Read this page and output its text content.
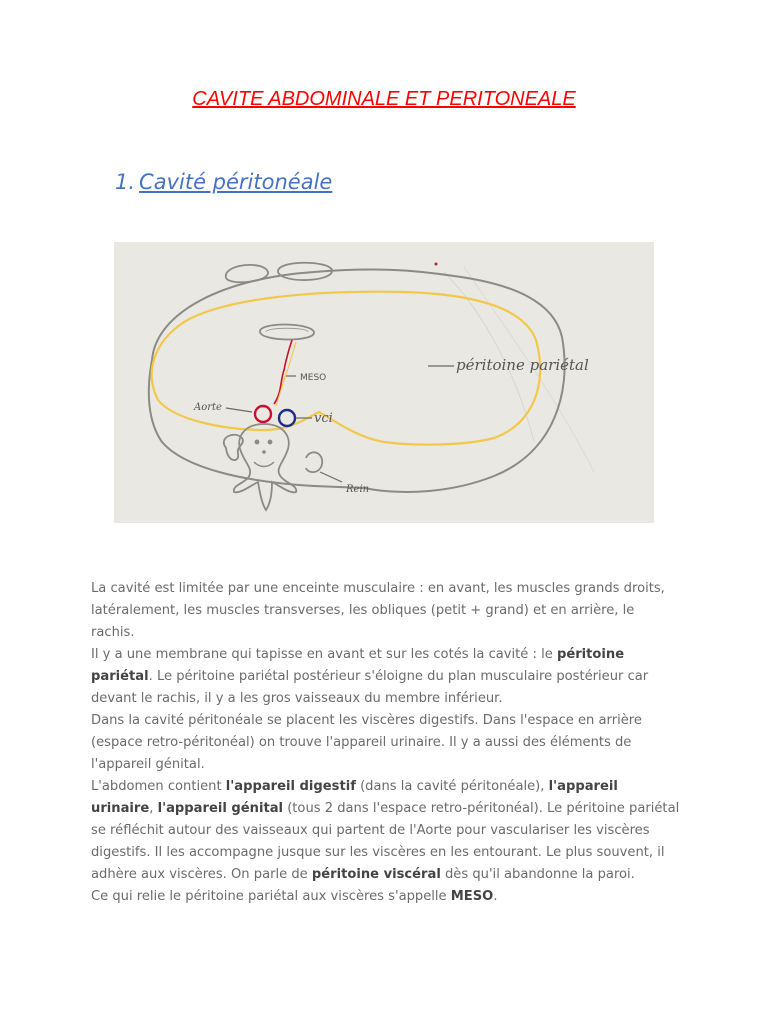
CAVITE ABDOMINALE ET PERITONEALE
1. Cavité péritonéale
MESO
Aorte
vci
Rein
péritoine pariétal

La cavité est limitée par une enceinte musculaire : en avant, les muscles grands droits, latéralement, les muscles transverses, les obliques (petit + grand) et en arrière, le rachis.

Il y a une membrane qui tapisse en avant et sur les cotés la cavité : le péritoine pariétal. Le péritoine pariétal postérieur s'éloigne du plan musculaire postérieur car devant le rachis, il y a les gros vaisseaux du membre inférieur.

Dans la cavité péritonéale se placent les viscères digestifs. Dans l'espace en arrière (espace retro-péritonéal) on trouve l'appareil urinaire. Il y a aussi des éléments de l'appareil génital.

L'abdomen contient l'appareil digestif (dans la cavité péritonéale), l'appareil urinaire, l'appareil génital (tous 2 dans l'espace retro-péritonéal). Le péritoine pariétal se réfléchit autour des vaisseaux qui partent de l'Aorte pour vasculariser les viscères digestifs. Il les accompagne jusque sur les viscères en les entourant. Le plus souvent, il adhère aux viscères. On parle de péritoine viscéral dès qu'il abandonne la paroi.

Ce qui relie le péritoine pariétal aux viscères s'appelle MESO.
